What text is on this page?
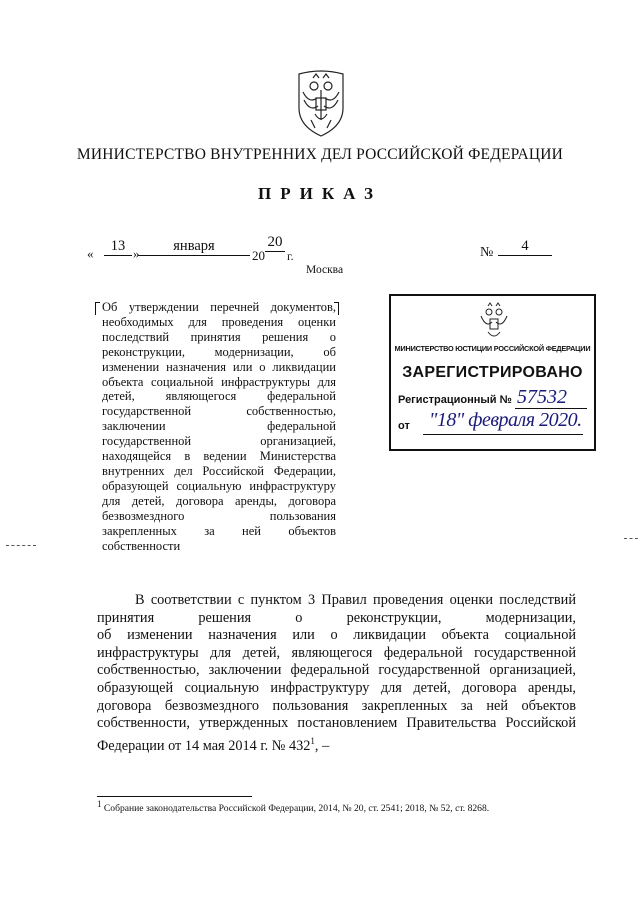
МИНИСТЕРСТВО ВНУТРЕННИХ ДЕЛ РОССИЙСКОЙ ФЕДЕРАЦИИ
ПРИКАЗ
«	13 »	января
20
20
г.	№	4
Москва
Об утверждении перечней документов,
необходимых для проведения оценки
последствий принятия решения о
реконструкции, модернизации, об
изменении назначения или о ликвидации
объекта социальной инфраструктуры для
детей, являющегося федеральной
государственной собственностью,
заключении федеральной
государственной организацией,
находящейся в ведении Министерства
внутренних дел Российской Федерации,
образующей социальную инфраструктуру
для детей, договора аренды, договора
безвозмездного пользования
закрепленных за ней объектов
собственности
МИНИСТЕРСТВО ЮСТИЦИИ РОССИЙСКОЙ ФЕДЕРАЦИИ
ЗАРЕГИСТРИРОВАНО
Регистрационный № 57532
от "18" февраля 2020.
В соответствии с пунктом 3 Правил проведения оценки последствий
принятия решения о реконструкции, модернизации,
об изменении назначения или о ликвидации объекта социальной
инфраструктуры для детей, являющегося федеральной государственной
собственностью, заключении федеральной государственной организацией,
образующей социальную инфраструктуру для детей, договора аренды,
договора безвозмездного пользования закрепленных за ней объектов
собственности, утвержденных постановлением Правительства Российской
Федерации от 14 мая 2014 г. № $432^1$, –
$^1$ Собрание законодательства Российской Федерации, 2014, № 20, ст. 2541; 2018, № 52, ст. 8268.
